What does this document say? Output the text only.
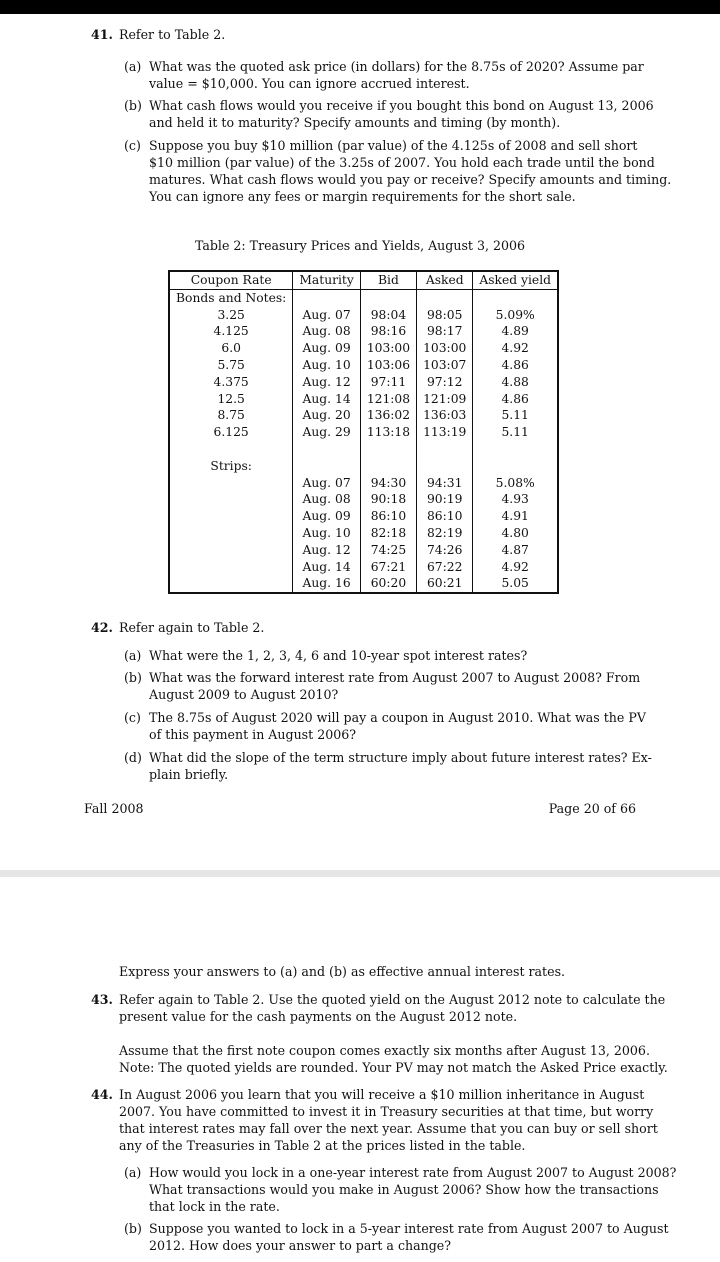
41. Refer to Table 2.
(a) What was the quoted ask price (in dollars) for the 8.75s of 2020? Assume par
value = $10,000. You can ignore accrued interest.
(b) What cash flows would you receive if you bought this bond on August 13, 2006
and held it to maturity? Specify amounts and timing (by month).
(c) Suppose you buy $10 million (par value) of the 4.125s of 2008 and sell short
$10 million (par value) of the 3.25s of 2007. You hold each trade until the bond
matures. What cash flows would you pay or receive? Specify amounts and timing.
You can ignore any fees or margin requirements for the short sale.
Table 2: Treasury Prices and Yields, August 3, 2006
Coupon Rate	Maturity	Bid	Asked	Asked yield
Bonds and Notes:				
3.25	Aug. 07	98:04	98:05	5.09%
4.125	Aug. 08	98:16	98:17	4.89
6.0	Aug. 09	103:00	103:00	4.92
5.75	Aug. 10	103:06	103:07	4.86
4.375	Aug. 12	97:11	97:12	4.88
12.5	Aug. 14	121:08	121:09	4.86
8.75	Aug. 20	136:02	136:03	5.11
6.125	Aug. 29	113:18	113:19	5.11

Strips:				
	Aug. 07	94:30	94:31	5.08%
	Aug. 08	90:18	90:19	4.93
	Aug. 09	86:10	86:10	4.91
	Aug. 10	82:18	82:19	4.80
	Aug. 12	74:25	74:26	4.87
	Aug. 14	67:21	67:22	4.92
	Aug. 16	60:20	60:21	5.05
42. Refer again to Table 2.
(a) What were the 1, 2, 3, 4, 6 and 10-year spot interest rates?
(b) What was the forward interest rate from August 2007 to August 2008? From
August 2009 to August 2010?
(c) The 8.75s of August 2020 will pay a coupon in August 2010. What was the PV
of this payment in August 2006?
(d) What did the slope of the term structure imply about future interest rates? Ex-
plain briefly.
Fall 2008	Page 20 of 66
Express your answers to (a) and (b) as effective annual interest rates.
43. Refer again to Table 2. Use the quoted yield on the August 2012 note to calculate the
present value for the cash payments on the August 2012 note.
Assume that the first note coupon comes exactly six months after August 13, 2006.
Note: The quoted yields are rounded. Your PV may not match the Asked Price exactly.
44. In August 2006 you learn that you will receive a $10 million inheritance in August
2007. You have committed to invest it in Treasury securities at that time, but worry
that interest rates may fall over the next year. Assume that you can buy or sell short
any of the Treasuries in Table 2 at the prices listed in the table.
(a) How would you lock in a one-year interest rate from August 2007 to August 2008?
What transactions would you make in August 2006? Show how the transactions
that lock in the rate.
(b) Suppose you wanted to lock in a 5-year interest rate from August 2007 to August
2012. How does your answer to part a change?
